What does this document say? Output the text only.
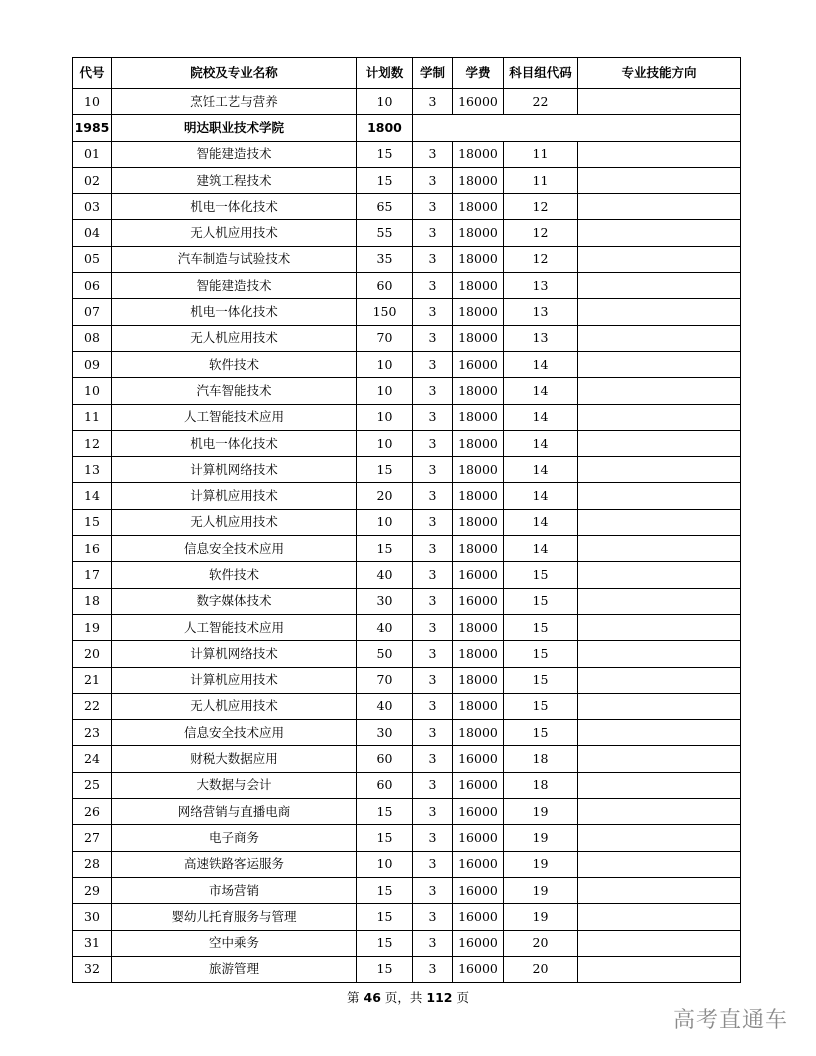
代号	院校及专业名称	计划数	学制	学费	科目组代码	专业技能方向
10	烹饪工艺与营养	10	3	16000	22	
1985	明达职业技术学院	1800				
01	智能建造技术	15	3	18000	11	
02	建筑工程技术	15	3	18000	11	
03	机电一体化技术	65	3	18000	12	
04	无人机应用技术	55	3	18000	12	
05	汽车制造与试验技术	35	3	18000	12	
06	智能建造技术	60	3	18000	13	
07	机电一体化技术	150	3	18000	13	
08	无人机应用技术	70	3	18000	13	
09	软件技术	10	3	16000	14	
10	汽车智能技术	10	3	18000	14	
11	人工智能技术应用	10	3	18000	14	
12	机电一体化技术	10	3	18000	14	
13	计算机网络技术	15	3	18000	14	
14	计算机应用技术	20	3	18000	14	
15	无人机应用技术	10	3	18000	14	
16	信息安全技术应用	15	3	18000	14	
17	软件技术	40	3	16000	15	
18	数字媒体技术	30	3	16000	15	
19	人工智能技术应用	40	3	18000	15	
20	计算机网络技术	50	3	18000	15	
21	计算机应用技术	70	3	18000	15	
22	无人机应用技术	40	3	18000	15	
23	信息安全技术应用	30	3	18000	15	
24	财税大数据应用	60	3	16000	18	
25	大数据与会计	60	3	16000	18	
26	网络营销与直播电商	15	3	16000	19	
27	电子商务	15	3	16000	19	
28	高速铁路客运服务	10	3	16000	19	
29	市场营销	15	3	16000	19	
30	婴幼儿托育服务与管理	15	3	16000	19	
31	空中乘务	15	3	16000	20	
32	旅游管理	15	3	16000	20	
第 46 页，共 112 页
高考直通车
